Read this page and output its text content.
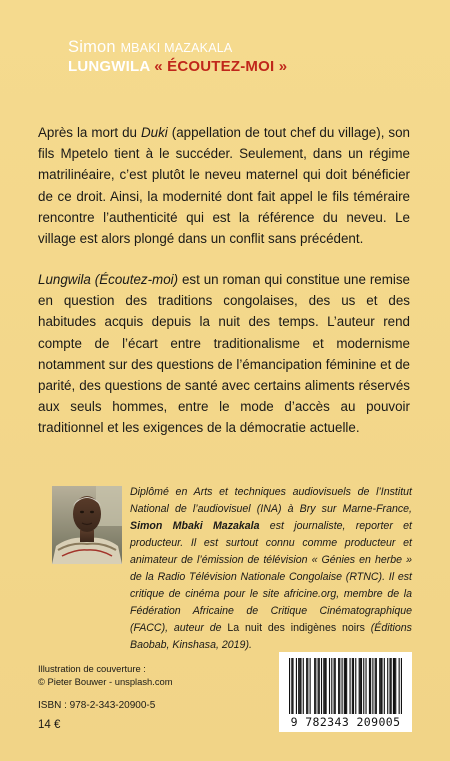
Simon MBAKI MAZAKALA
LUNGWILA « ÉCOUTEZ-MOI »

Après la mort du Duki (appellation de tout chef du village), son fils Mpetelo tient à le succéder. Seulement, dans un régime matrilinéaire, c’est plutôt le neveu maternel qui doit bénéficier de ce droit. Ainsi, la modernité dont fait appel le fils téméraire rencontre l’authenticité qui est la référence du neveu. Le village est alors plongé dans un conflit sans précédent.

Lungwila (Écoutez-moi) est un roman qui constitue une remise en question des traditions congolaises, des us et des habitudes acquis depuis la nuit des temps. L’auteur rend compte de l’écart entre traditionalisme et modernisme notamment sur des questions de l’émancipation féminine et de parité, des questions de santé avec certains aliments réservés aux seuls hommes, entre le mode d’accès au pouvoir traditionnel et les exigences de la démocratie actuelle.

Diplômé en Arts et techniques audiovisuels de l’Institut National de l’audiovisuel (INA) à Bry sur Marne-France, Simon Mbaki Mazakala est journaliste, reporter et producteur. Il est surtout connu comme producteur et animateur de l’émission de télévision « Génies en herbe » de la Radio Télévision Nationale Congolaise (RTNC). Il est critique de cinéma pour le site africine.org, membre de la Fédération Africaine de Critique Cinématographique (FACC), auteur de La nuit des indigènes noirs (Éditions Baobab, Kinshasa, 2019).

Illustration de couverture :
© Pieter Bouwer - unsplash.com
ISBN : 978-2-343-20900-5
14 €	9 782343 209005
